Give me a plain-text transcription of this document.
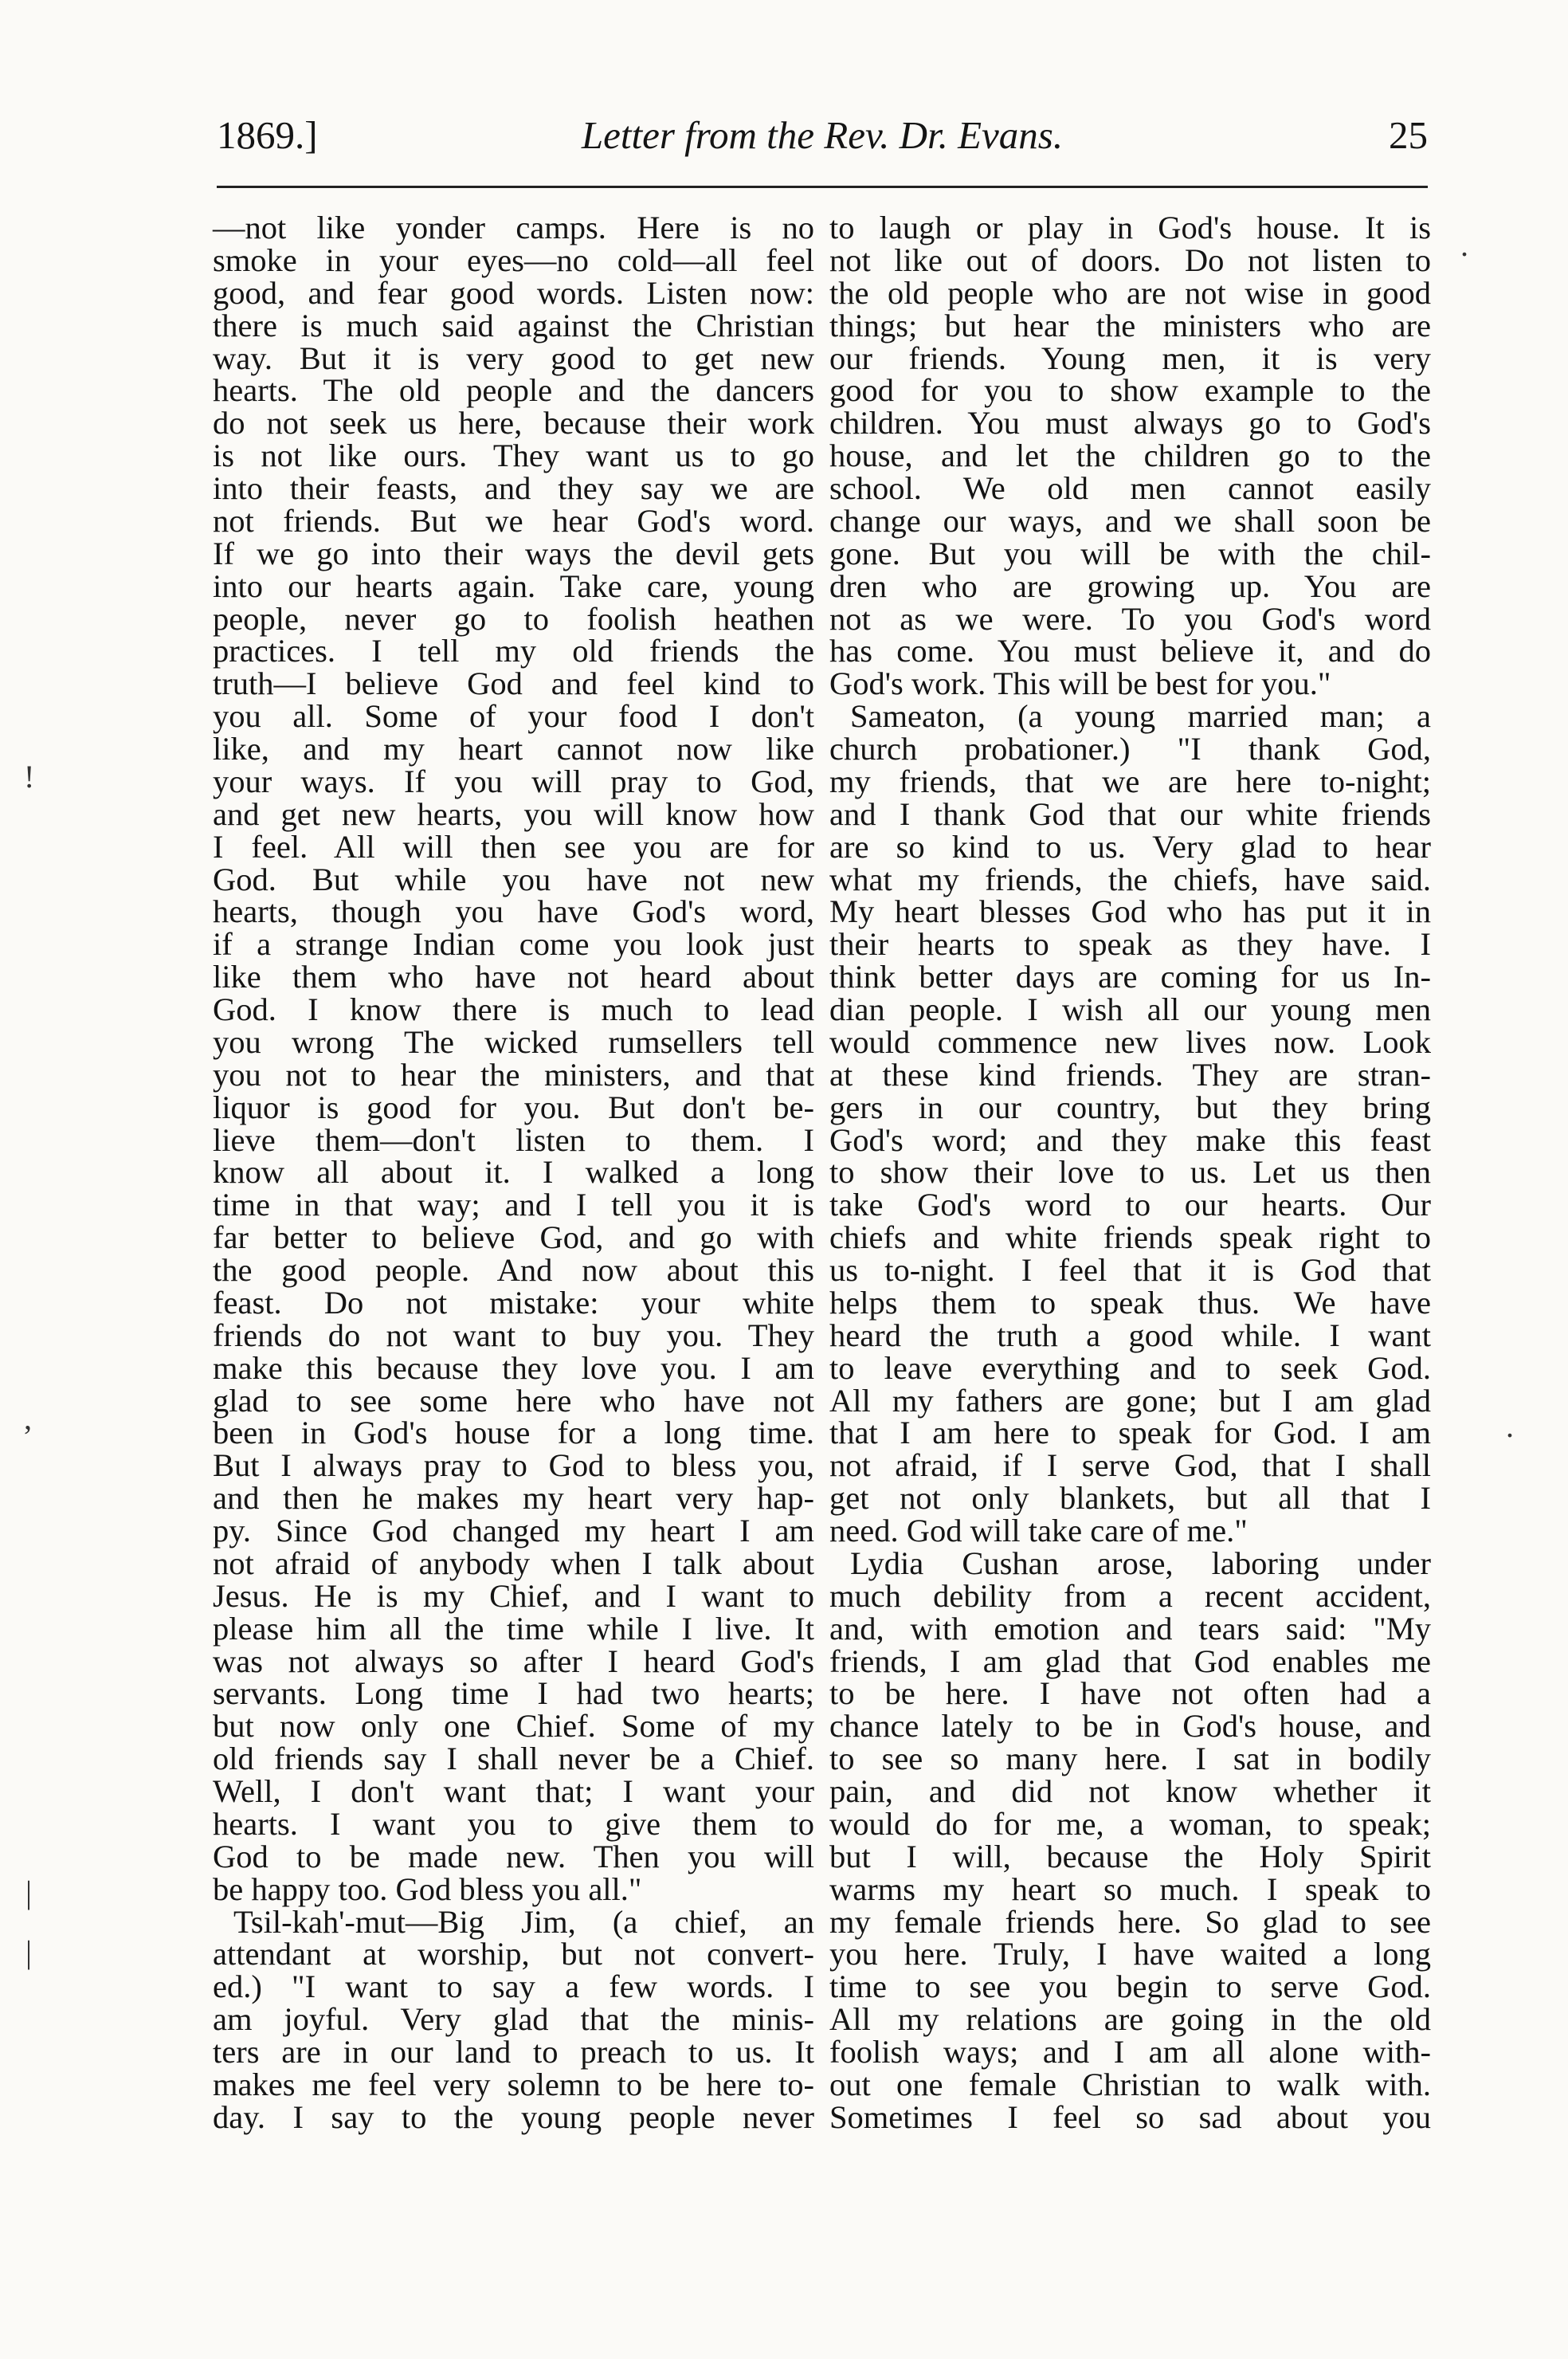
1869.]	Letter from the Rev. Dr. Evans.	25
—not like yonder camps. Here is no
smoke in your eyes—no cold—all feel
good, and fear good words. Listen now:
there is much said against the Christian
way. But it is very good to get new
hearts. The old people and the dancers
do not seek us here, because their work
is not like ours. They want us to go
into their feasts, and they say we are
not friends. But we hear God's word.
If we go into their ways the devil gets
into our hearts again. Take care, young
people, never go to foolish heathen
practices. I tell my old friends the
truth—I believe God and feel kind to
you all. Some of your food I don't
like, and my heart cannot now like
your ways. If you will pray to God,
and get new hearts, you will know how
I feel. All will then see you are for
God. But while you have not new
hearts, though you have God's word,
if a strange Indian come you look just
like them who have not heard about
God. I know there is much to lead
you wrong The wicked rumsellers tell
you not to hear the ministers, and that
liquor is good for you. But don't be-
lieve them—don't listen to them. I
know all about it. I walked a long
time in that way; and I tell you it is
far better to believe God, and go with
the good people. And now about this
feast. Do not mistake: your white
friends do not want to buy you. They
make this because they love you. I am
glad to see some here who have not
been in God's house for a long time.
But I always pray to God to bless you,
and then he makes my heart very hap-
py. Since God changed my heart I am
not afraid of anybody when I talk about
Jesus. He is my Chief, and I want to
please him all the time while I live. It
was not always so after I heard God's
servants. Long time I had two hearts;
but now only one Chief. Some of my
old friends say I shall never be a Chief.
Well, I don't want that; I want your
hearts. I want you to give them to
God to be made new. Then you will
be happy too. God bless you all."
Tsil-kah'-mut—Big Jim, (a chief, an
attendant at worship, but not convert-
ed.) "I want to say a few words. I
am joyful. Very glad that the minis-
ters are in our land to preach to us. It
makes me feel very solemn to be here to-
day. I say to the young people never
to laugh or play in God's house. It is
not like out of doors. Do not listen to
the old people who are not wise in good
things; but hear the ministers who are
our friends. Young men, it is very
good for you to show example to the
children. You must always go to God's
house, and let the children go to the
school. We old men cannot easily
change our ways, and we shall soon be
gone. But you will be with the chil-
dren who are growing up. You are
not as we were. To you God's word
has come. You must believe it, and do
God's work. This will be best for you."
Sameaton, (a young married man; a
church probationer.) "I thank God,
my friends, that we are here to-night;
and I thank God that our white friends
are so kind to us. Very glad to hear
what my friends, the chiefs, have said.
My heart blesses God who has put it in
their hearts to speak as they have. I
think better days are coming for us In-
dian people. I wish all our young men
would commence new lives now. Look
at these kind friends. They are stran-
gers in our country, but they bring
God's word; and they make this feast
to show their love to us. Let us then
take God's word to our hearts. Our
chiefs and white friends speak right to
us to-night. I feel that it is God that
helps them to speak thus. We have
heard the truth a good while. I want
to leave everything and to seek God.
All my fathers are gone; but I am glad
that I am here to speak for God. I am
not afraid, if I serve God, that I shall
get not only blankets, but all that I
need. God will take care of me."
Lydia Cushan arose, laboring under
much debility from a recent accident,
and, with emotion and tears said: "My
friends, I am glad that God enables me
to be here. I have not often had a
chance lately to be in God's house, and
to see so many here. I sat in bodily
pain, and did not know whether it
would do for me, a woman, to speak;
but I will, because the Holy Spirit
warms my heart so much. I speak to
my female friends here. So glad to see
you here. Truly, I have waited a long
time to see you begin to serve God.
All my relations are going in the old
foolish ways; and I am all alone with-
out one female Christian to walk with.
Sometimes I feel so sad about you
!
,
|
|
.
.
